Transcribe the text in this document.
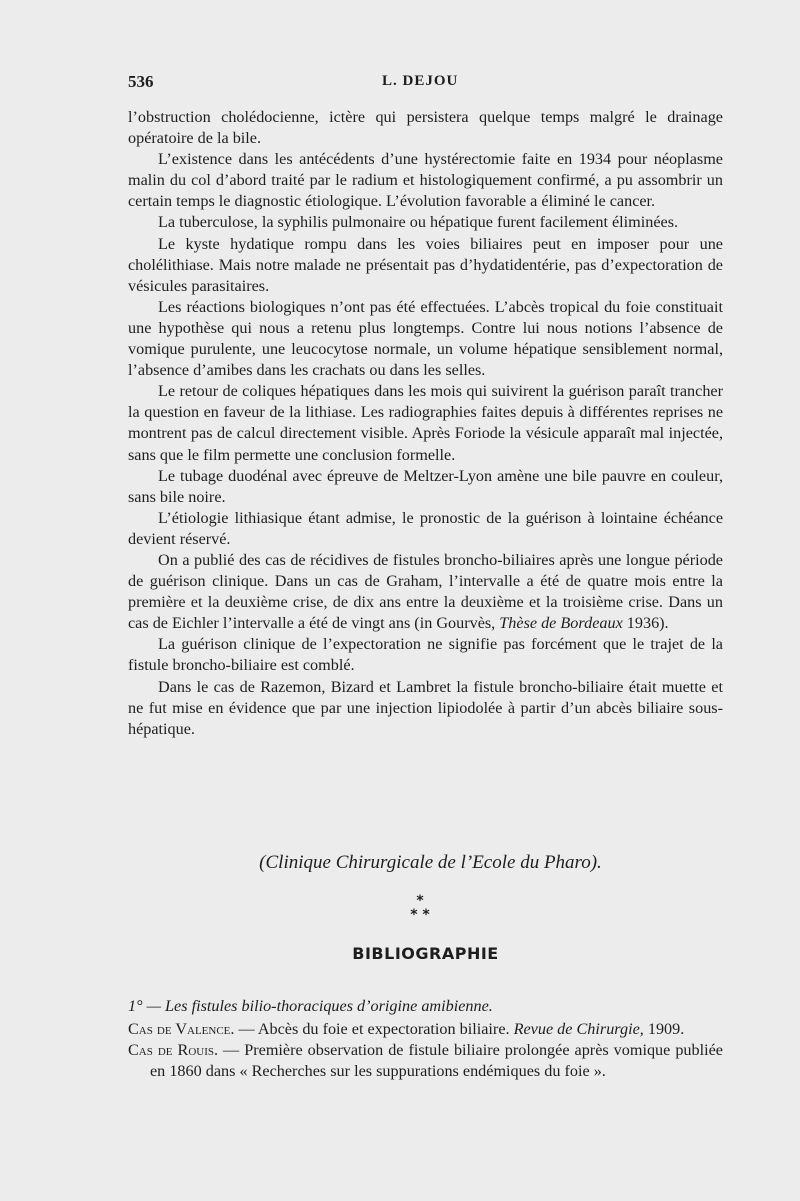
536	L. DEJOU

l’obstruction cholédocienne, ictère qui persistera quelque temps malgré le drainage opératoire de la bile.

L’existence dans les antécédents d’une hystérectomie faite en 1934 pour néoplasme malin du col d’abord traité par le radium et histologiquement confirmé, a pu assombrir un certain temps le diagnostic étiologique. L’évolution favorable a éliminé le cancer.

La tuberculose, la syphilis pulmonaire ou hépatique furent facilement éliminées.

Le kyste hydatique rompu dans les voies biliaires peut en imposer pour une cholélithiase. Mais notre malade ne présentait pas d’hydatidentérie, pas d’expectoration de vésicules parasitaires.

Les réactions biologiques n’ont pas été effectuées. L’abcès tropical du foie constituait une hypothèse qui nous a retenu plus longtemps. Contre lui nous notions l’absence de vomique purulente, une leucocytose normale, un volume hépatique sensiblement normal, l’absence d’amibes dans les crachats ou dans les selles.

Le retour de coliques hépatiques dans les mois qui suivirent la guérison paraît trancher la question en faveur de la lithiase. Les radiographies faites depuis à différentes reprises ne montrent pas de calcul directement visible. Après Foriode la vésicule apparaît mal injectée, sans que le film permette une conclusion formelle.

Le tubage duodénal avec épreuve de Meltzer-Lyon amène une bile pauvre en couleur, sans bile noire.

L’étiologie lithiasique étant admise, le pronostic de la guérison à lointaine échéance devient réservé.

On a publié des cas de récidives de fistules broncho-biliaires après une longue période de guérison clinique. Dans un cas de Graham, l’intervalle a été de quatre mois entre la première et la deuxième crise, de dix ans entre la deuxième et la troisième crise. Dans un cas de Eichler l’intervalle a été de vingt ans (in Gourvès, Thèse de Bordeaux 1936).

La guérison clinique de l’expectoration ne signifie pas forcément que le trajet de la fistule broncho-biliaire est comblé.

Dans le cas de Razemon, Bizard et Lambret la fistule broncho-biliaire était muette et ne fut mise en évidence que par une injection lipiodolée à partir d’un abcès biliaire sous-hépatique.

(Clinique Chirurgicale de l’Ecole du Pharo).
*
* *
BIBLIOGRAPHIE
1° — Les fistules bilio-thoraciques d’origine amibienne.
Cas de Valence. — Abcès du foie et expectoration biliaire. Revue de Chirurgie, 1909.
Cas de Rouis. — Première observation de fistule biliaire prolongée après vomique publiée en 1860 dans « Recherches sur les suppurations endémiques du foie ».
